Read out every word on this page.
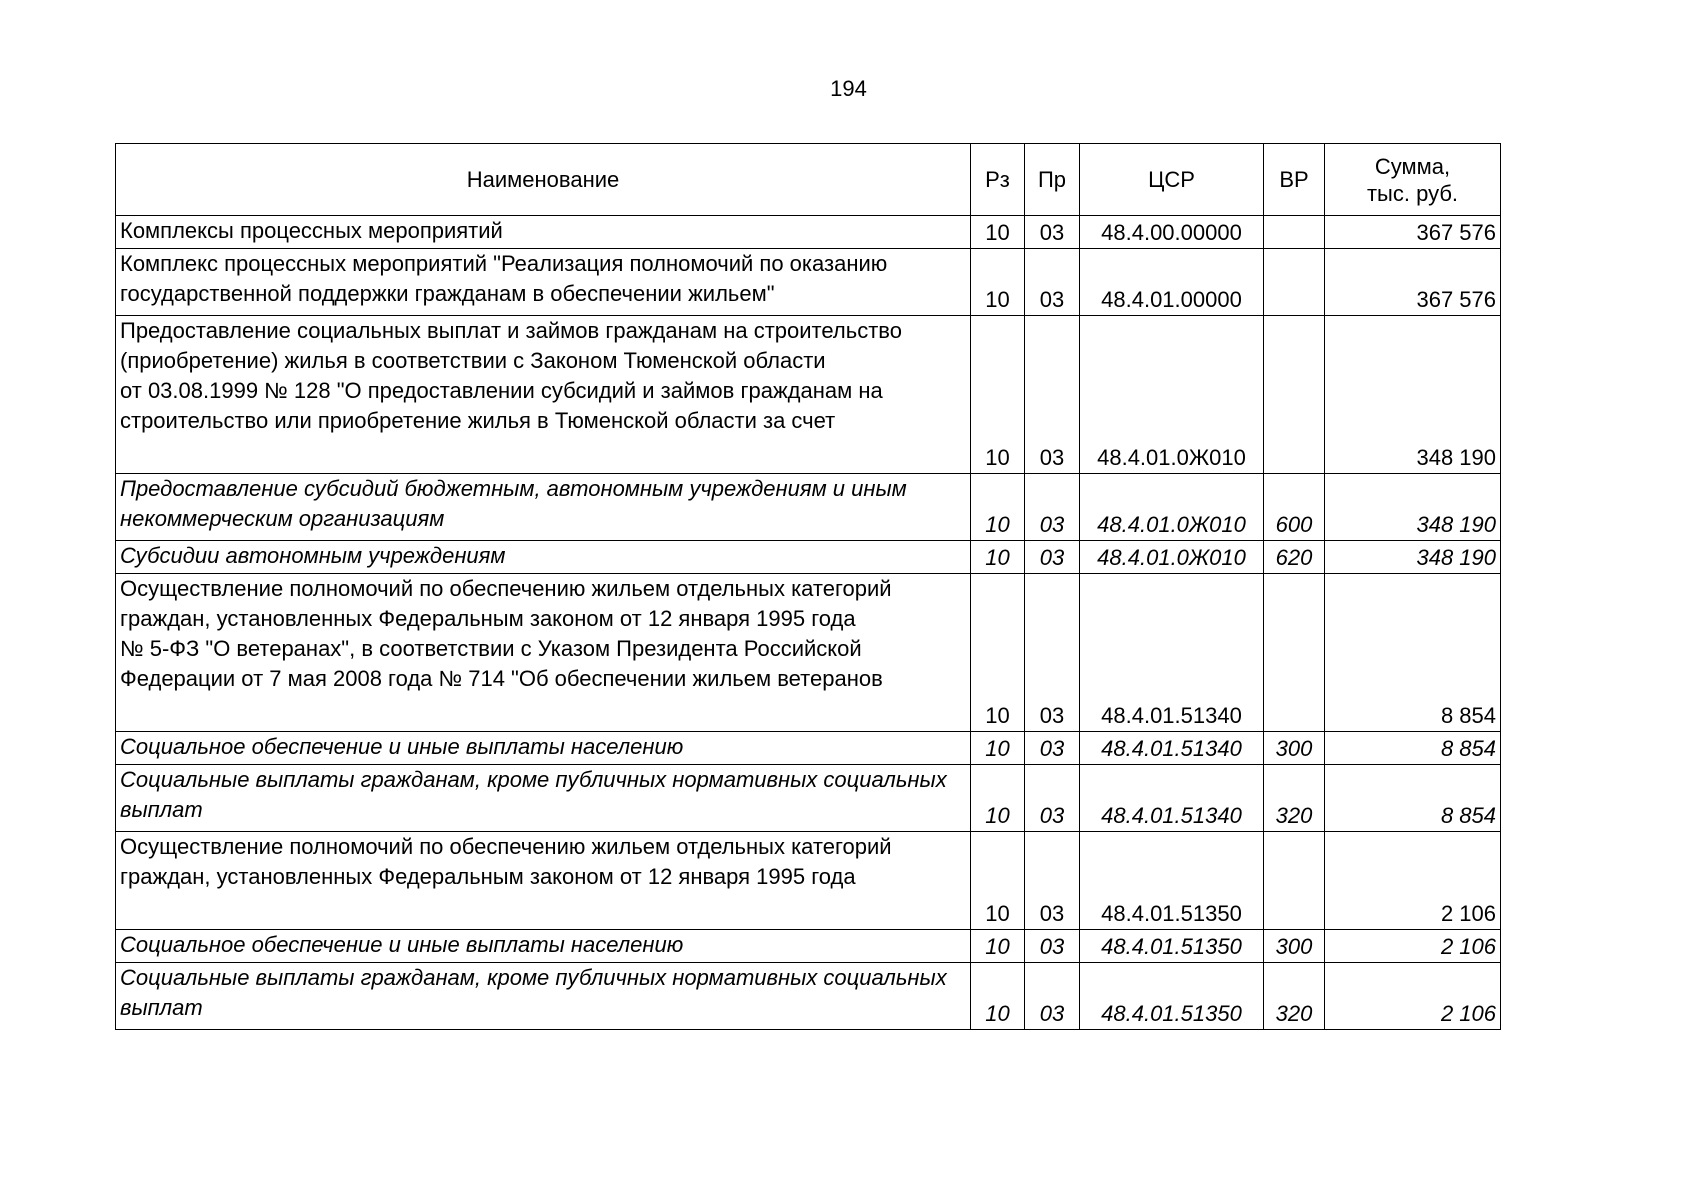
194
Наименование	Рз	Пр	ЦСР	ВР	Сумма,
тыс. руб.

Комплексы процессных мероприятий	10	03	48.4.00.00000		367 576

Комплекс процессных мероприятий "Реализация полномочий по оказанию государственной поддержки гражданам в обеспечении жильем"	10	03	48.4.01.00000		367 576

Предоставление социальных выплат и займов гражданам на строительство (приобретение) жилья в соответствии с Законом Тюменской области
от 03.08.1999 № 128 "О предоставлении субсидий и займов гражданам на строительство или приобретение жилья в Тюменской области за счет	10	03	48.4.01.0Ж010		348 190

Предоставление субсидий бюджетным, автономным учреждениям и иным некоммерческим организациям	10	03	48.4.01.0Ж010	600	348 190

Субсидии автономным учреждениям	10	03	48.4.01.0Ж010	620	348 190

Осуществление полномочий по обеспечению жильем отдельных категорий граждан, установленных Федеральным законом от 12 января 1995 года
№ 5-ФЗ "О ветеранах", в соответствии с Указом Президента Российской Федерации от 7 мая 2008 года № 714 "Об обеспечении жильем ветеранов	10	03	48.4.01.51340		8 854

Социальное обеспечение и иные выплаты населению	10	03	48.4.01.51340	300	8 854

Социальные выплаты гражданам, кроме публичных нормативных социальных выплат	10	03	48.4.01.51340	320	8 854

Осуществление полномочий по обеспечению жильем отдельных категорий граждан, установленных Федеральным законом от 12 января 1995 года	10	03	48.4.01.51350		2 106

Социальное обеспечение и иные выплаты населению	10	03	48.4.01.51350	300	2 106

Социальные выплаты гражданам, кроме публичных нормативных социальных выплат	10	03	48.4.01.51350	320	2 106
